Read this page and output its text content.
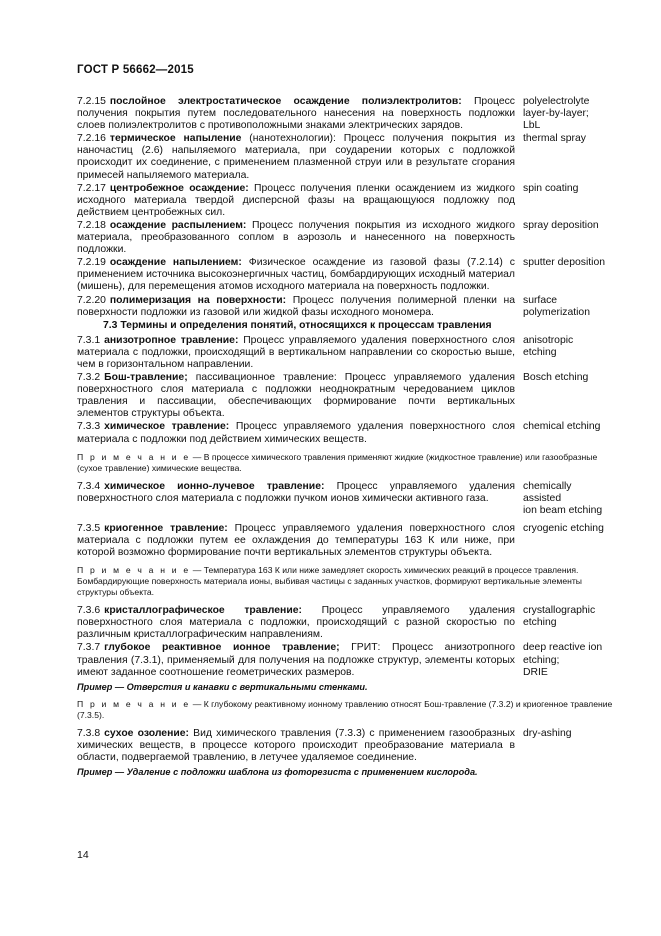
ГОСТ Р 56662—2015
7.2.15 послойное электростатическое осаждение полиэлектролитов: Процесс получения покрытия путем последовательного нанесения на поверхность подложки слоев полиэлектролитов с противоположными знаками электрических зарядов.
polyelectrolyte
layer-by-layer;
LbL
7.2.16 термическое напыление (нанотехнологии): Процесс получения покрытия из наночастиц (2.6) напыляемого материала, при соударении которых с подложкой происходит их соединение, с применением плазменной струи или в результате сгорания примесей напыляемого материала.
thermal spray
7.2.17 центробежное осаждение: Процесс получения пленки осаждением из жидкого исходного материала твердой дисперсной фазы на вращающуюся подложку под действием центробежных сил.
spin coating
7.2.18 осаждение распылением: Процесс получения покрытия из исходного жидкого материала, преобразованного соплом в аэрозоль и нанесенного на поверхность подложки.
spray deposition
7.2.19 осаждение напылением: Физическое осаждение из газовой фазы (7.2.14) с применением источника высокоэнергичных частиц, бомбардирующих исходный материал (мишень), для перемещения атомов исходного материала на поверхность подложки.
sputter deposition
7.2.20 полимеризация на поверхности: Процесс получения полимерной пленки на поверхности подложки из газовой или жидкой фазы исходного мономера.
surface
polymerization
7.3 Термины и определения понятий, относящихся к процессам травления
7.3.1 анизотропное травление: Процесс управляемого удаления поверхностного слоя материала с подложки, происходящий в вертикальном направлении со скоростью выше, чем в горизонтальном направлении.
anisotropic
etching
7.3.2 Бош-травление; пассивационное травление: Процесс управляемого удаления поверхностного слоя материала с подложки неоднократным чередованием циклов травления и пассивации, обеспечивающих формирование почти вертикальных элементов структуры объекта.
Bosch etching
7.3.3 химическое травление: Процесс управляемого удаления поверхностного слоя материала с подложки под действием химических веществ.
chemical etching
П р и м е ч а н и е — В процессе химического травления применяют жидкие (жидкостное травление) или газообразные (сухое травление) химические вещества.
7.3.4 химическое ионно-лучевое травление: Процесс управляемого удаления поверхностного слоя материала с подложки пучком ионов химически активного газа.
chemically
assisted
ion beam etching
7.3.5 криогенное травление: Процесс управляемого удаления поверхностного слоя материала с подложки путем ее охлаждения до температуры 163 К или ниже, при которой возможно формирование почти вертикальных элементов структуры объекта.
cryogenic etching
П р и м е ч а н и е — Температура 163 К или ниже замедляет скорость химических реакций в процессе травления. Бомбардирующие поверхность материала ионы, выбивая частицы с заданных участков, формируют вертикальные элементы структуры объекта.
7.3.6 кристаллографическое травление: Процесс управляемого удаления поверхностного слоя материала с подложки, происходящий с разной скоростью по различным кристаллографическим направлениям.
crystallographic
etching
7.3.7 глубокое реактивное ионное травление; ГРИТ: Процесс анизотропного травления (7.3.1), применяемый для получения на подложке структур, элементы которых имеют заданное соотношение геометрических размеров.
deep reactive ion
etching;
DRIE
Пример — Отверстия и канавки с вертикальными стенками.
П р и м е ч а н и е — К глубокому реактивному ионному травлению относят Бош-травление (7.3.2) и криогенное травление (7.3.5).
7.3.8 сухое озоление: Вид химического травления (7.3.3) с применением газообразных химических веществ, в процессе которого происходит преобразование материала в области, подвергаемой травлению, в летучее удаляемое соединение.
dry-ashing
Пример — Удаление с подложки шаблона из фоторезиста с применением кислорода.
14
